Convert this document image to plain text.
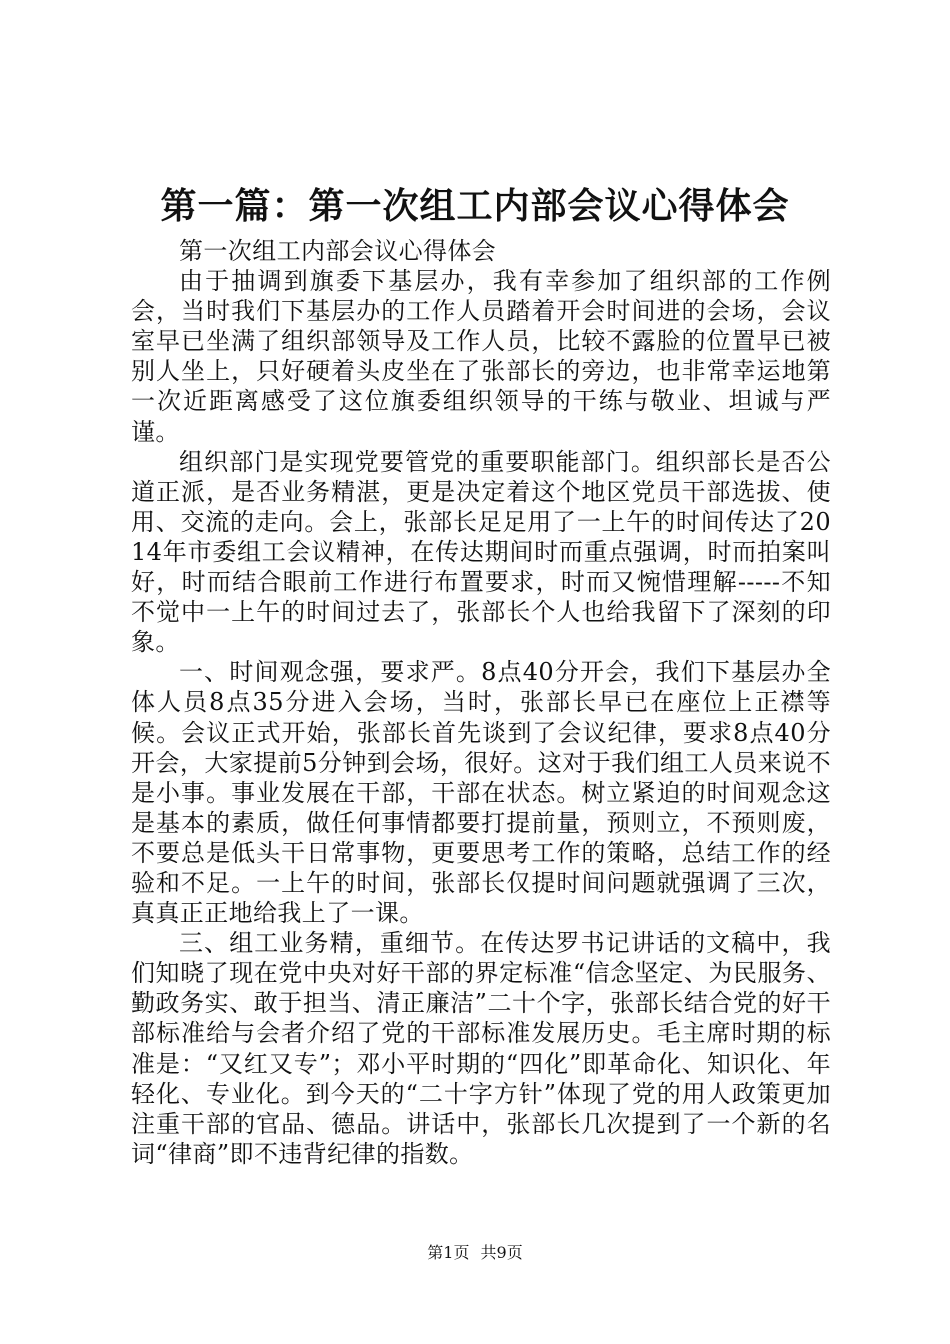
第一篇：第一次组工内部会议心得体会

第一次组工内部会议心得体会

由于抽调到旗委下基层办，我有幸参加了组织部的工作例会，当时我们下基层办的工作人员踏着开会时间进的会场，会议室早已坐满了组织部领导及工作人员，比较不露脸的位置早已被别人坐上，只好硬着头皮坐在了张部长的旁边，也非常幸运地第一次近距离感受了这位旗委组织领导的干练与敬业、坦诚与严谨。

组织部门是实现党要管党的重要职能部门。组织部长是否公道正派，是否业务精湛，更是决定着这个地区党员干部选拔、使用、交流的走向。会上，张部长足足用了一上午的时间传达了2014年市委组工会议精神，在传达期间时而重点强调，时而拍案叫好，时而结合眼前工作进行布置要求，时而又惋惜理解-----不知不觉中一上午的时间过去了，张部长个人也给我留下了深刻的印象。

一、时间观念强，要求严。8点40分开会，我们下基层办全体人员8点35分进入会场，当时，张部长早已在座位上正襟等候。会议正式开始，张部长首先谈到了会议纪律，要求8点40分开会，大家提前5分钟到会场，很好。这对于我们组工人员来说不是小事。事业发展在干部，干部在状态。树立紧迫的时间观念这是基本的素质，做任何事情都要打提前量，预则立，不预则废，不要总是低头干日常事物，更要思考工作的策略，总结工作的经验和不足。一上午的时间，张部长仅提时间问题就强调了三次，真真正正地给我上了一课。

三、组工业务精，重细节。在传达罗书记讲话的文稿中，我们知晓了现在党中央对好干部的界定标准“信念坚定、为民服务、勤政务实、敢于担当、清正廉洁”二十个字，张部长结合党的好干部标准给与会者介绍了党的干部标准发展历史。毛主席时期的标准是：“又红又专”；邓小平时期的“四化”即革命化、知识化、年轻化、专业化。到今天的“二十字方针”体现了党的用人政策更加注重干部的官品、德品。讲话中，张部长几次提到了一个新的名词“律商”即不违背纪律的指数。

第1页 共9页
